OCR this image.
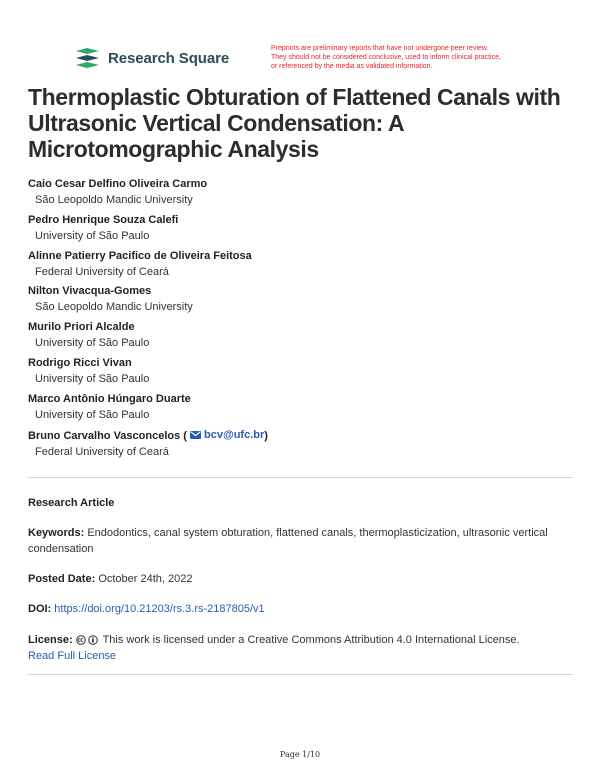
Research Square
Preprints are preliminary reports that have not undergone peer review.
They should not be considered conclusive, used to inform clinical practice,
or referenced by the media as validated information.
Thermoplastic Obturation of Flattened Canals with Ultrasonic Vertical Condensation: A Microtomographic Analysis
Caio Cesar Delfino Oliveira Carmo
São Leopoldo Mandic University
Pedro Henrique Souza Calefi
University of São Paulo
Alinne Patierry Pacifico de Oliveira Feitosa
Federal University of Ceará
Nilton Vivacqua-Gomes
São Leopoldo Mandic University
Murilo Priori Alcalde
University of São Paulo
Rodrigo Ricci Vivan
University of São Paulo
Marco Antônio Húngaro Duarte
University of São Paulo
Bruno Carvalho Vasconcelos ( bcv@ufc.br )
Federal University of Ceará
Research Article
Keywords: Endodontics, canal system obturation, flattened canals, thermoplasticization, ultrasonic vertical condensation
Posted Date: October 24th, 2022
DOI: https://doi.org/10.21203/rs.3.rs-2187805/v1
License:	This work is licensed under a Creative Commons Attribution 4.0 International License.
Read Full License
Page 1/10
